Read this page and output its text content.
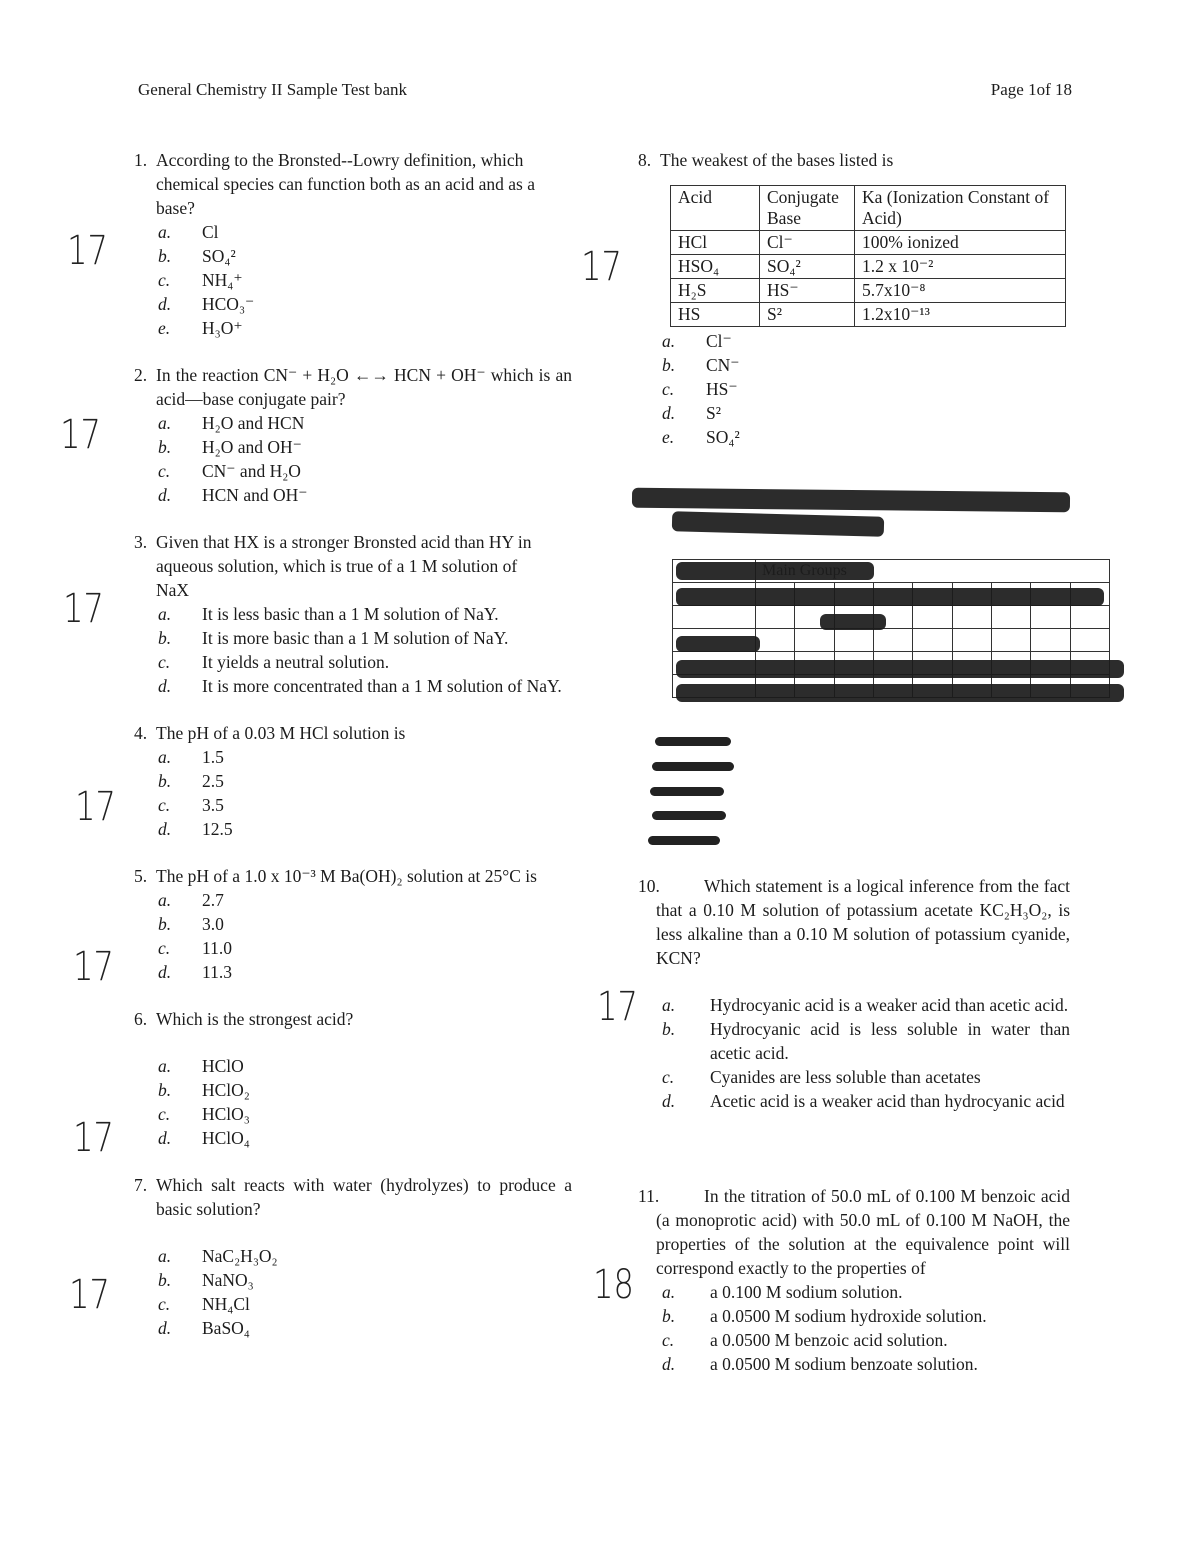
General Chemistry II Sample Test bank	Page 1of 18
17
17
17
17
17
17
17
17
17
18
1. According to the Bronsted--Lowry definition, which chemical species can function both as an acid and as a base?
a.	Cl
b.	SO₄²
c.	NH₄⁺
d.	HCO₃⁻
e.	H₃O⁺
2. In the reaction CN⁻ + H₂O ←→ HCN + OH⁻ which is an acid—base conjugate pair?
a.	H₂O and HCN
b.	H₂O and OH⁻
c.	CN⁻ and H₂O
d.	HCN and OH⁻
3. Given that HX is a stronger Bronsted acid than HY in aqueous solution, which is true of a 1 M solution of NaX
a.	It is less basic than a 1 M solution of NaY.
b.	It is more basic than a 1 M solution of NaY.
c.	It yields a neutral solution.
d.	It is more concentrated than a 1 M solution of NaY.
4. The pH of a 0.03 M HCl solution is
a.	1.5
b.	2.5
c.	3.5
d.	12.5
5. The pH of a 1.0 x 10⁻³ M Ba(OH)₂ solution at 25°C is
a.	2.7
b.	3.0
c.	11.0
d.	11.3
6. Which is the strongest acid?
a.	HClO
b.	HClO₂
c.	HClO₃
d.	HClO₄
7. Which salt reacts with water (hydrolyzes) to produce a basic solution?
a.	NaC₂H₃O₂
b.	NaNO₃
c.	NH₄Cl
d.	BaSO₄
8. The weakest of the bases listed is
Acid	Conjugate Base	Ka (Ionization Constant of Acid)
HCl	Cl⁻	100% ionized
HSO₄	SO₄²	1.2 x 10⁻²
H₂S	HS⁻	5.7x10⁻⁸
HS	S²	1.2x10⁻¹³
a.	Cl⁻
b.	CN⁻
c.	HS⁻
d.	S²
e.	SO₄²

10.	Which statement is a logical inference from the fact that a 0.10 M solution of potassium acetate KC₂H₃O₂, is less alkaline than a 0.10 M solution of potassium cyanide, KCN?
a.	Hydrocyanic acid is a weaker acid than acetic acid.
b.	Hydrocyanic acid is less soluble in water than acetic acid.
c.	Cyanides are less soluble than acetates
d.	Acetic acid is a weaker acid than hydrocyanic acid
11.	In the titration of 50.0 mL of 0.100 M benzoic acid (a monoprotic acid) with 50.0 mL of 0.100 M NaOH, the properties of the solution at the equivalence point will correspond exactly to the properties of
a.	a 0.100 M sodium solution.
b.	a 0.0500 M sodium hydroxide solution.
c.	a 0.0500 M benzoic acid solution.
d.	a 0.0500 M sodium benzoate solution.
